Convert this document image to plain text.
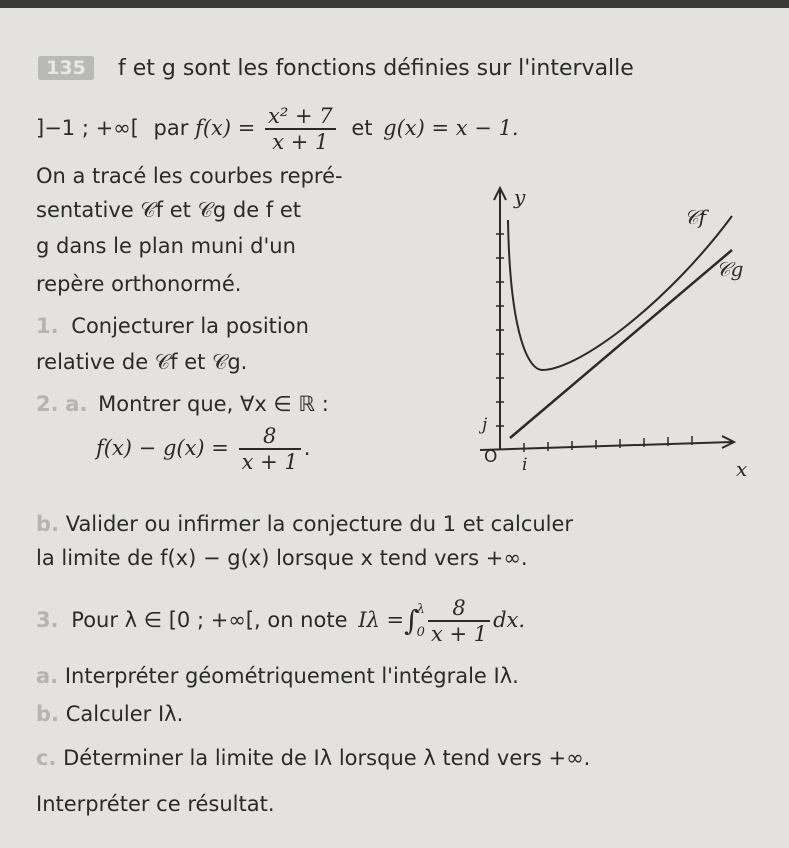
135	f et g sont les fonctions définies sur l'intervalle
]−1 ; +∞[ par $f(x) = \frac{\text{x² + 7}}{x + 1}$ et g(x) = x − 1.
On a tracé les courbes repré-
sentative 𝒞f et 𝒞g de f et
g dans le plan muni d'un
repère orthonormé.
1. Conjecturer la position
relative de 𝒞f et 𝒞g.
2. a. Montrer que, ∀x ∈ ℝ :
$f(x) - g(x) = \frac{8}{x + 1}$ .
b. Valider ou infirmer la conjecture du 1 et calculer
la limite de f(x) − g(x) lorsque x tend vers +∞.
3. Pour λ ∈ [0 ; +∞[, on note Iλ =∫
λ
$0 \frac{8}{x + 1}$ dx.
a. Interpréter géométriquement l'intégrale Iλ.
b. Calculer Iλ.
c. Déterminer la limite de Iλ lorsque λ tend vers +∞.
Interpréter ce résultat.
y
x
O i
j
𝒞f
𝒞g
